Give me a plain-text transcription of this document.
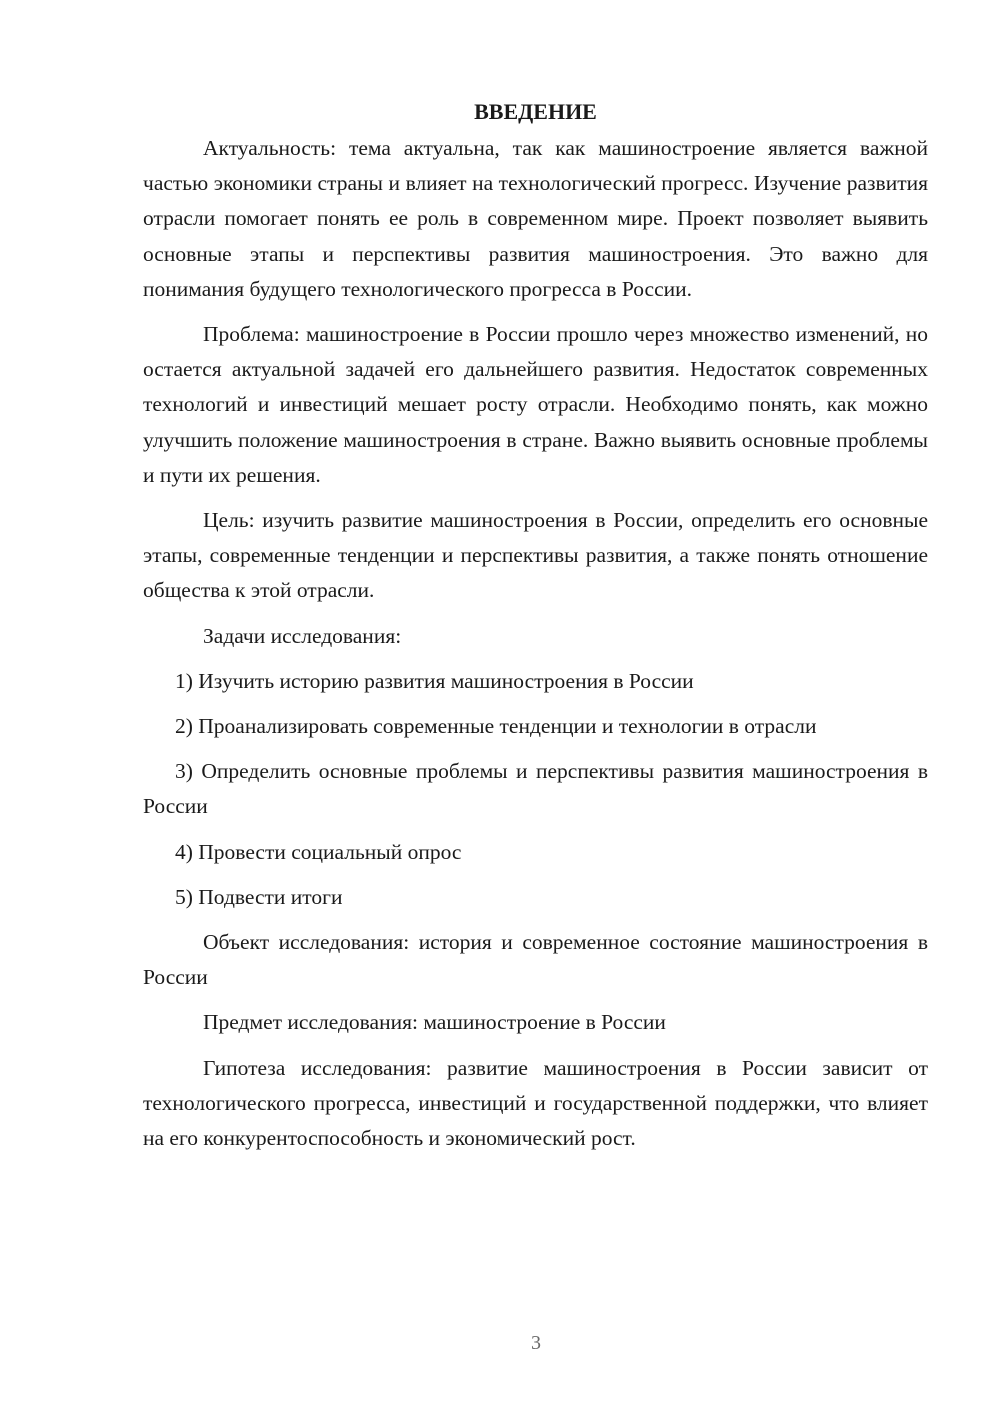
ВВЕДЕНИЕ

Актуальность: тема актуальна, так как машиностроение является важной частью экономики страны и влияет на технологический прогресс. Изучение развития отрасли помогает понять ее роль в современном мире. Проект позволяет выявить основные этапы и перспективы развития машиностроения. Это важно для понимания будущего технологического прогресса в России.

Проблема: машиностроение в России прошло через множество изменений, но остается актуальной задачей его дальнейшего развития. Недостаток современных технологий и инвестиций мешает росту отрасли. Необходимо понять, как можно улучшить положение машиностроения в стране. Важно выявить основные проблемы и пути их решения.

Цель: изучить развитие машиностроения в России, определить его основные этапы, современные тенденции и перспективы развития, а также понять отношение общества к этой отрасли.

Задачи исследования:

1) Изучить историю развития машиностроения в России

2) Проанализировать современные тенденции и технологии в отрасли

3) Определить основные проблемы и перспективы развития машиностроения в России

4) Провести социальный опрос

5) Подвести итоги

Объект исследования: история и современное состояние машиностроения в России

Предмет исследования: машиностроение в России

Гипотеза исследования: развитие машиностроения в России зависит от технологического прогресса, инвестиций и государственной поддержки, что влияет на его конкурентоспособность и экономический рост.

3
